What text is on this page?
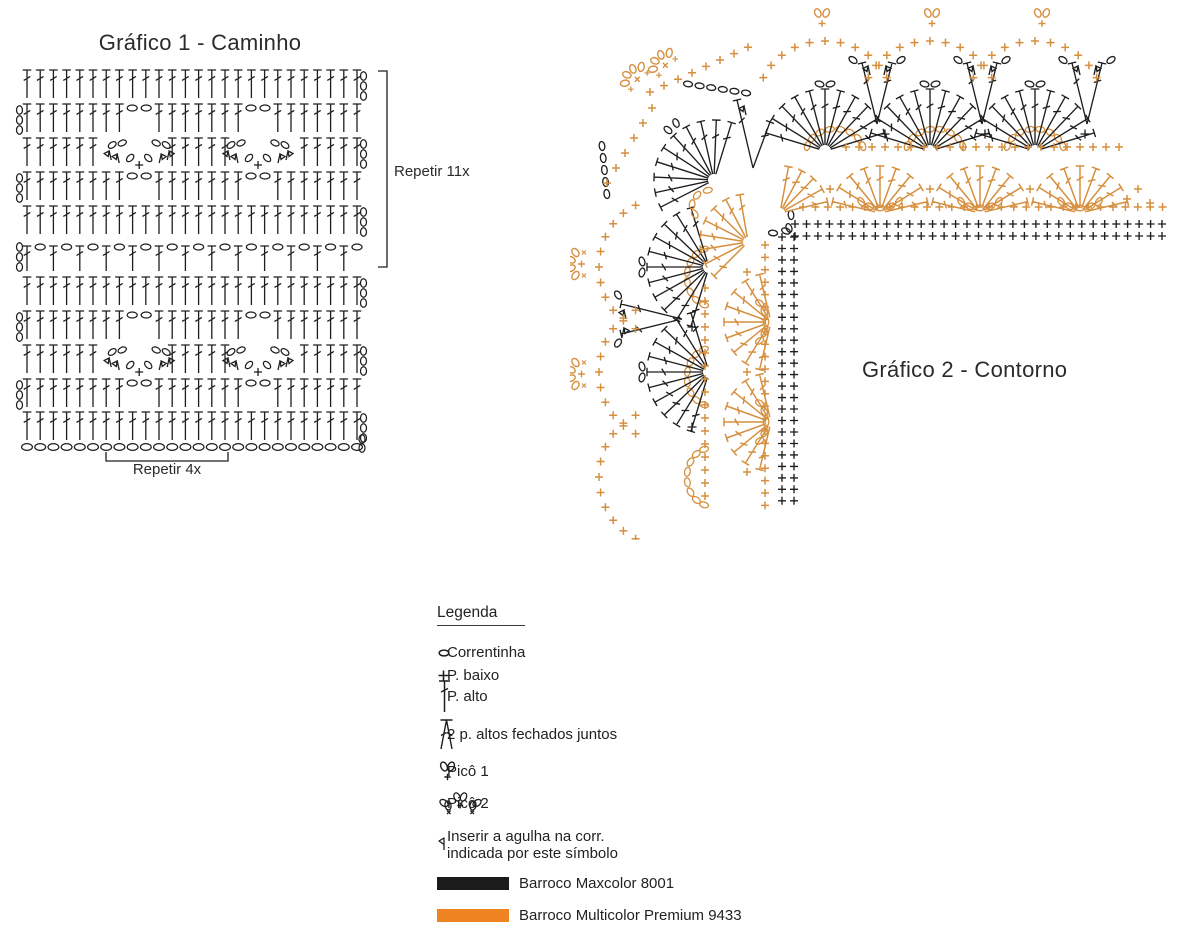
Gráfico 1 - Caminho
Repetir 11x
Repetir 4x
Gráfico 2 - Contorno
Legenda
Correntinha
P. baixo
P. alto
2 p. altos fechados juntos
Picô 1
Picô 2
Inserir a agulha na corr.
indicada por este símbolo
Barroco Maxcolor 8001
Barroco Multicolor Premium 9433
